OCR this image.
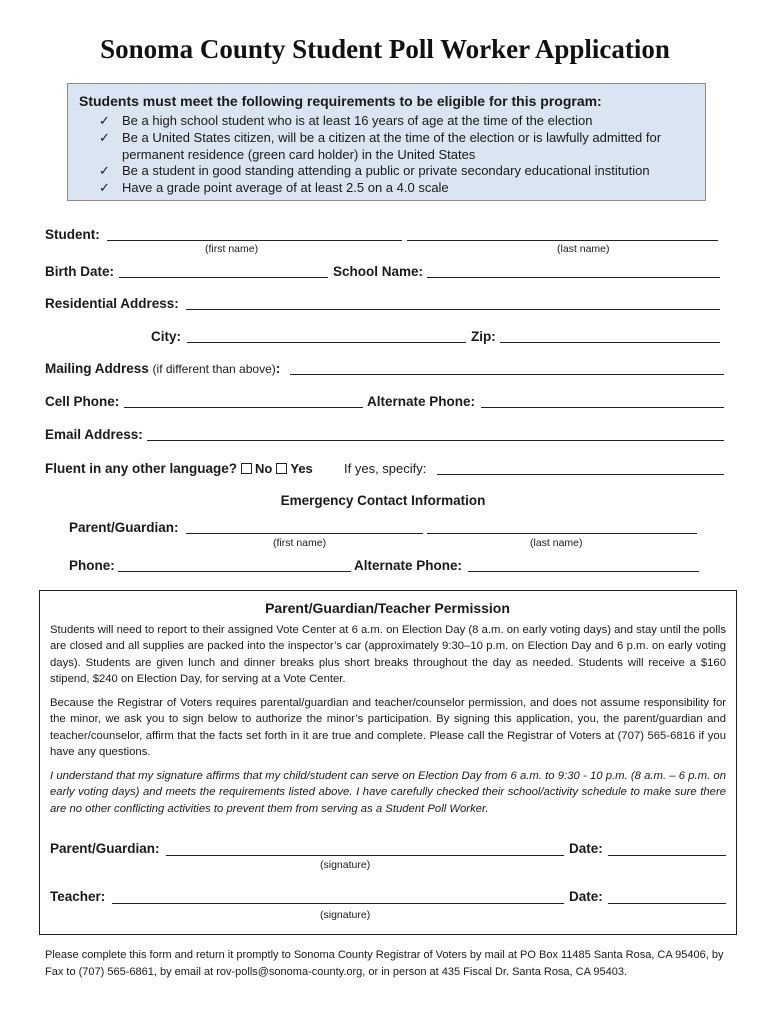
Sonoma County Student Poll Worker Application
Students must meet the following requirements to be eligible for this program:
✓ Be a high school student who is at least 16 years of age at the time of the election
✓ Be a United States citizen, will be a citizen at the time of the election or is lawfully admitted for permanent residence (green card holder) in the United States
✓ Be a student in good standing attending a public or private secondary educational institution
✓ Have a grade point average of at least 2.5 on a 4.0 scale
Student:
(first name)	(last name)
Birth Date:	School Name:
Residential Address:
City:	Zip:
Mailing Address (if different than above):
Cell Phone:	Alternate Phone:
Email Address:
Fluent in any other language? No Yes If yes, specify:
Emergency Contact Information
Parent/Guardian:
(first name)	(last name)
Phone:	Alternate Phone:
Parent/Guardian/Teacher Permission
Students will need to report to their assigned Vote Center at 6 a.m. on Election Day (8 a.m. on early voting days) and stay until the polls are closed and all supplies are packed into the inspector’s car (approximately 9:30–10 p.m. on Election Day and 6 p.m. on early voting days). Students are given lunch and dinner breaks plus short breaks throughout the day as needed. Students will receive a $160 stipend, $240 on Election Day, for serving at a Vote Center.
Because the Registrar of Voters requires parental/guardian and teacher/counselor permission, and does not assume responsibility for the minor, we ask you to sign below to authorize the minor’s participation. By signing this application, you, the parent/guardian and teacher/counselor, affirm that the facts set forth in it are true and complete. Please call the Registrar of Voters at (707) 565-6816 if you have any questions.
I understand that my signature affirms that my child/student can serve on Election Day from 6 a.m. to 9:30 - 10 p.m. (8 a.m. – 6 p.m. on early voting days) and meets the requirements listed above. I have carefully checked their school/activity schedule to make sure there are no other conflicting activities to prevent them from serving as a Student Poll Worker.
Parent/Guardian:	Date:
(signature)
Teacher:	Date:
(signature)
Please complete this form and return it promptly to Sonoma County Registrar of Voters by mail at PO Box 11485 Santa Rosa, CA 95406, by Fax to (707) 565-6861, by email at rov-polls@sonoma-county.org, or in person at 435 Fiscal Dr. Santa Rosa, CA 95403.
